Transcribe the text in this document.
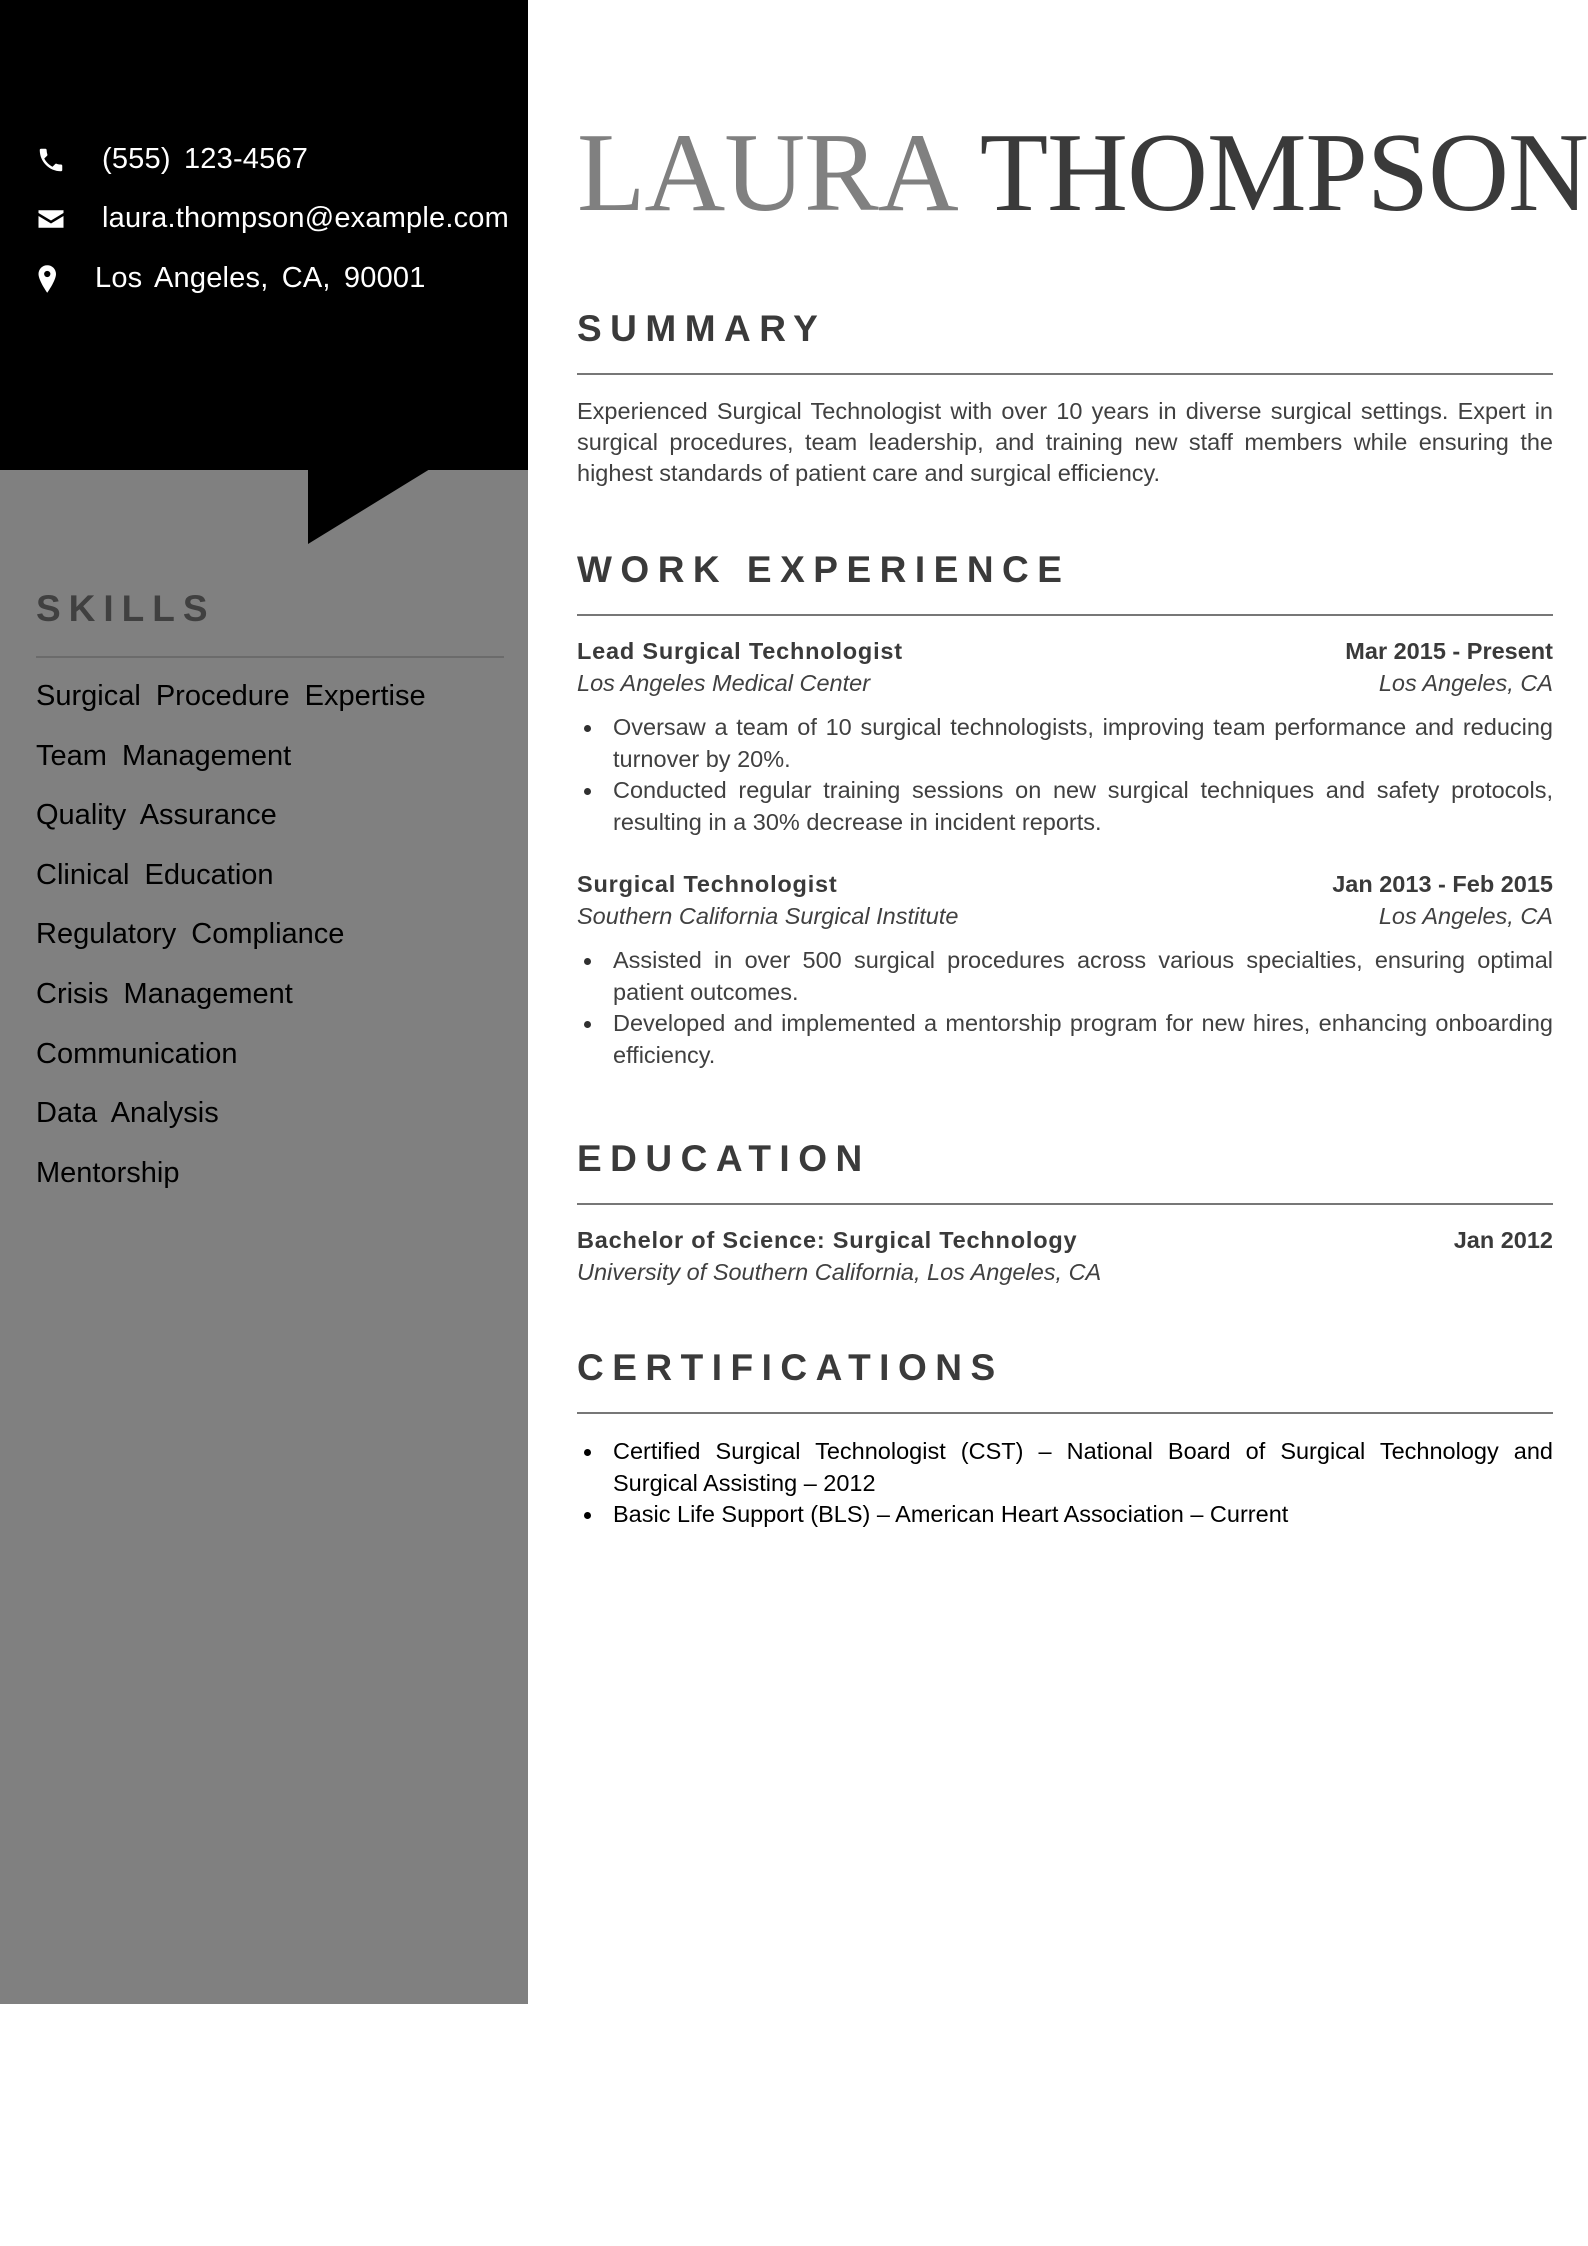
(555) 123-4567
laura.thompson@example.com
Los Angeles, CA, 90001
SKILLS
Surgical Procedure Expertise
Team Management
Quality Assurance
Clinical Education
Regulatory Compliance
Crisis Management
Communication
Data Analysis
Mentorship
LAURA THOMPSON
SUMMARY

Experienced Surgical Technologist with over 10 years in diverse surgical settings. Expert in surgical procedures, team leadership, and training new staff members while ensuring the highest standards of patient care and surgical efficiency.

WORK EXPERIENCE
Lead Surgical Technologist	Mar 2015 - Present
Los Angeles Medical Center	Los Angeles, CA
Oversaw a team of 10 surgical technologists, improving team performance and reducing turnover by 20%.
Conducted regular training sessions on new surgical techniques and safety protocols, resulting in a 30% decrease in incident reports.
Surgical Technologist	Jan 2013 - Feb 2015
Southern California Surgical Institute	Los Angeles, CA
Assisted in over 500 surgical procedures across various specialties, ensuring optimal patient outcomes.
Developed and implemented a mentorship program for new hires, enhancing onboarding efficiency.
EDUCATION
Bachelor of Science: Surgical Technology	Jan 2012
University of Southern California, Los Angeles, CA
CERTIFICATIONS
Certified Surgical Technologist (CST) – National Board of Surgical Technology and Surgical Assisting – 2012
Basic Life Support (BLS) – American Heart Association – Current
